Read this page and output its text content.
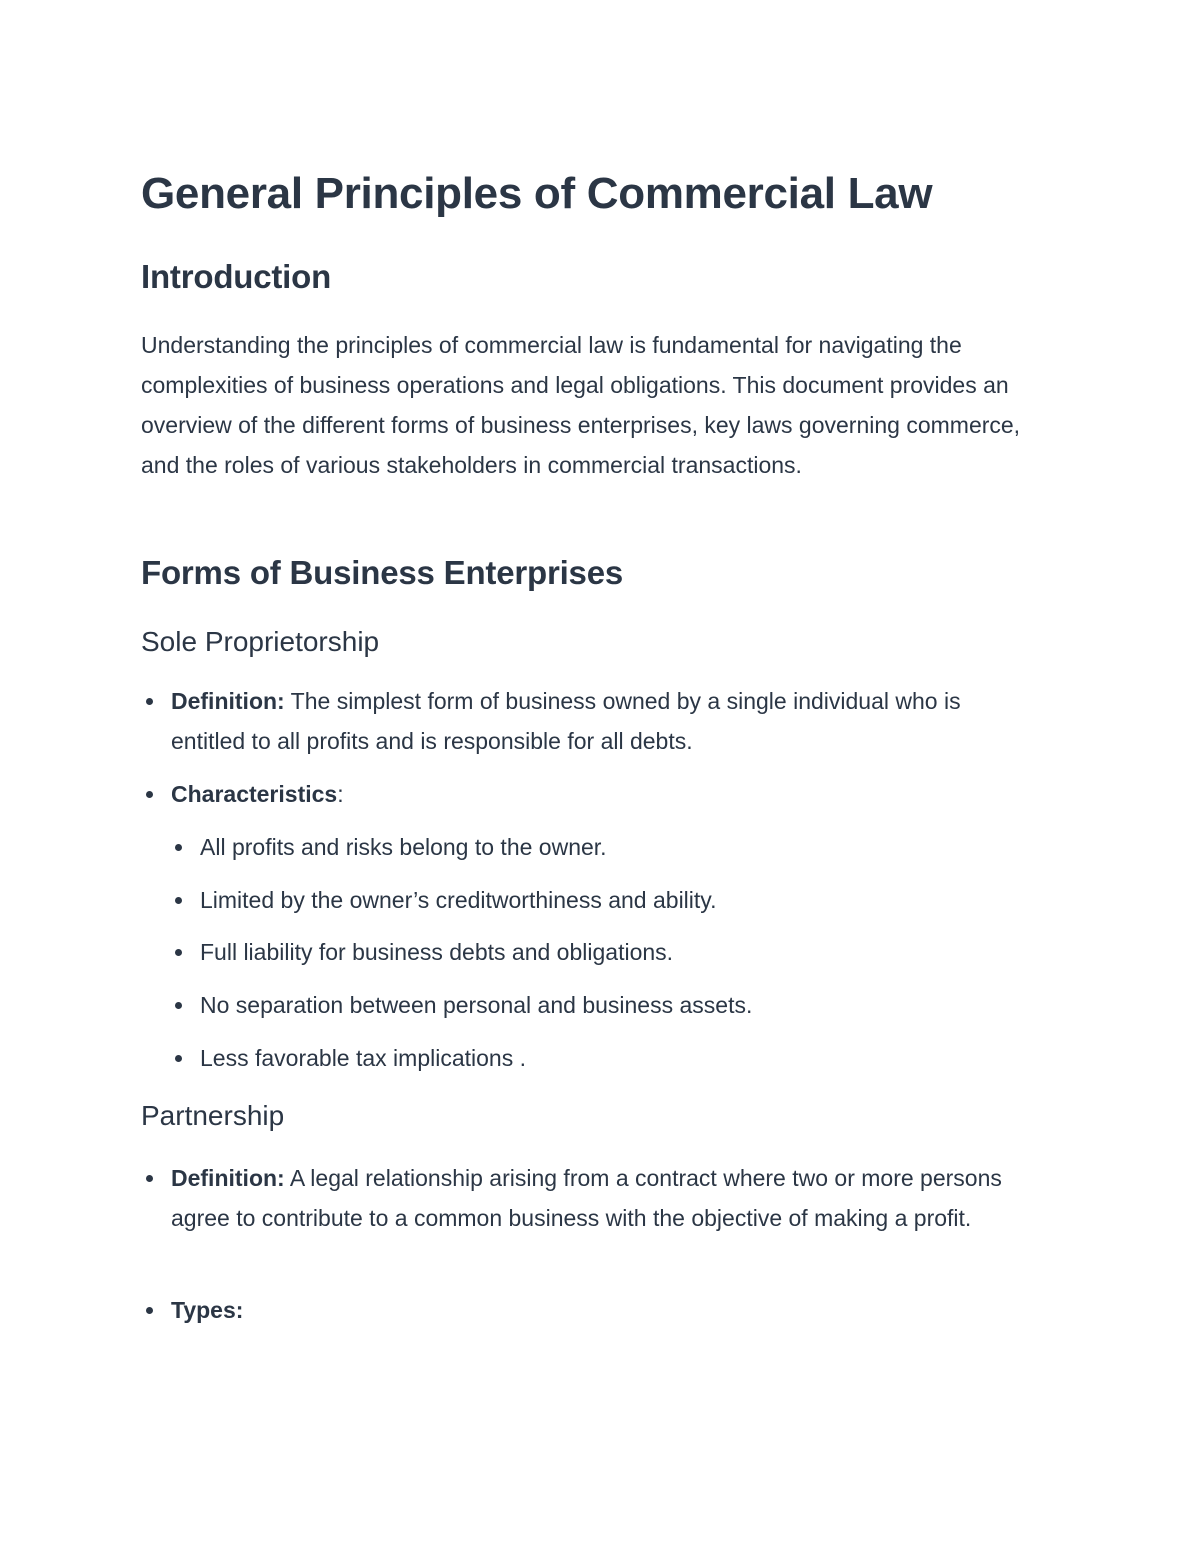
General Principles of Commercial Law
Introduction

Understanding the principles of commercial law is fundamental for navigating the complexities of business operations and legal obligations. This document provides an overview of the different forms of business enterprises, key laws governing commerce, and the roles of various stakeholders in commercial transactions.

Forms of Business Enterprises
Sole Proprietorship
Definition: The simplest form of business owned by a single individual who is entitled to all profits and is responsible for all debts.
Characteristics:
All profits and risks belong to the owner.
Limited by the owner’s creditworthiness and ability.
Full liability for business debts and obligations.
No separation between personal and business assets.
Less favorable tax implications .
Partnership
Definition: A legal relationship arising from a contract where two or more persons agree to contribute to a common business with the objective of making a profit.
Types:
